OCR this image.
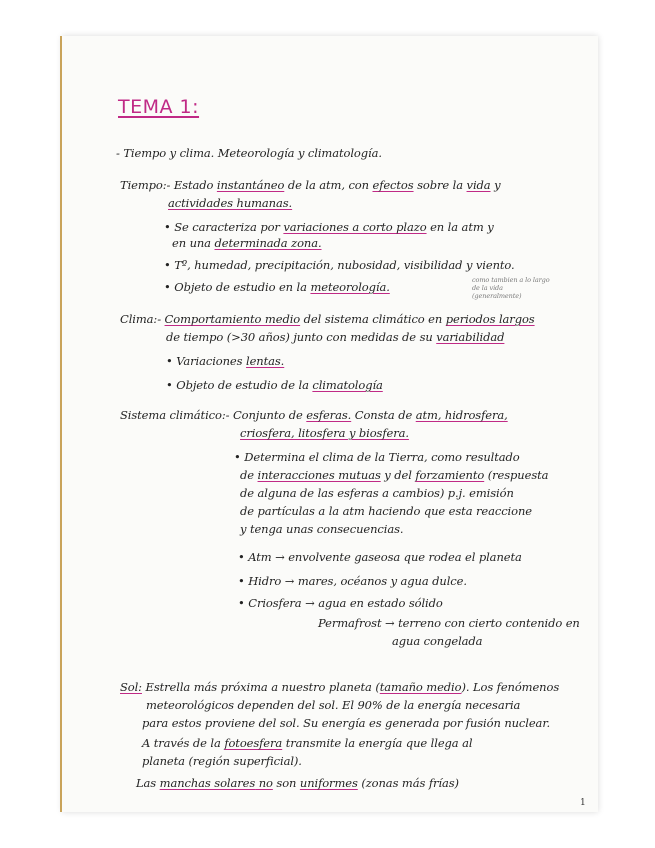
TEMA 1:
- Tiempo y clima. Meteorología y climatología.
Tiempo:- Estado instantáneo de la atm, con efectos sobre la vida y
actividades humanas.
• Se caracteriza por variaciones a corto plazo en la atm y
en una determinada zona.
• Tº, humedad, precipitación, nubosidad, visibilidad y viento.
• Objeto de estudio en la meteorología.	como tambien a lo largo de la vida (generalmente)
Clima:- Comportamiento medio del sistema climático en periodos largos
de tiempo (>30 años) junto con medidas de su variabilidad
• Variaciones lentas.
• Objeto de estudio de la climatología
Sistema climático:- Conjunto de esferas. Consta de atm, hidrosfera,
criosfera, litosfera y biosfera.
• Determina el clima de la Tierra, como resultado
de interacciones mutuas y del forzamiento (respuesta
de alguna de las esferas a cambios) p.j. emisión
de partículas a la atm haciendo que esta reaccione
y tenga unas consecuencias.
• Atm → envolvente gaseosa que rodea el planeta
• Hidro → mares, océanos y agua dulce.
• Criosfera → agua en estado sólido
Permafrost → terreno con cierto contenido en
agua congelada
Sol: Estrella más próxima a nuestro planeta (tamaño medio). Los fenómenos
meteorológicos dependen del sol. El 90% de la energía necesaria
para estos proviene del sol. Su energía es generada por fusión nuclear.
A través de la fotoesfera transmite la energía que llega al
planeta (región superficial).
Las manchas solares no son uniformes (zonas más frías)
1
